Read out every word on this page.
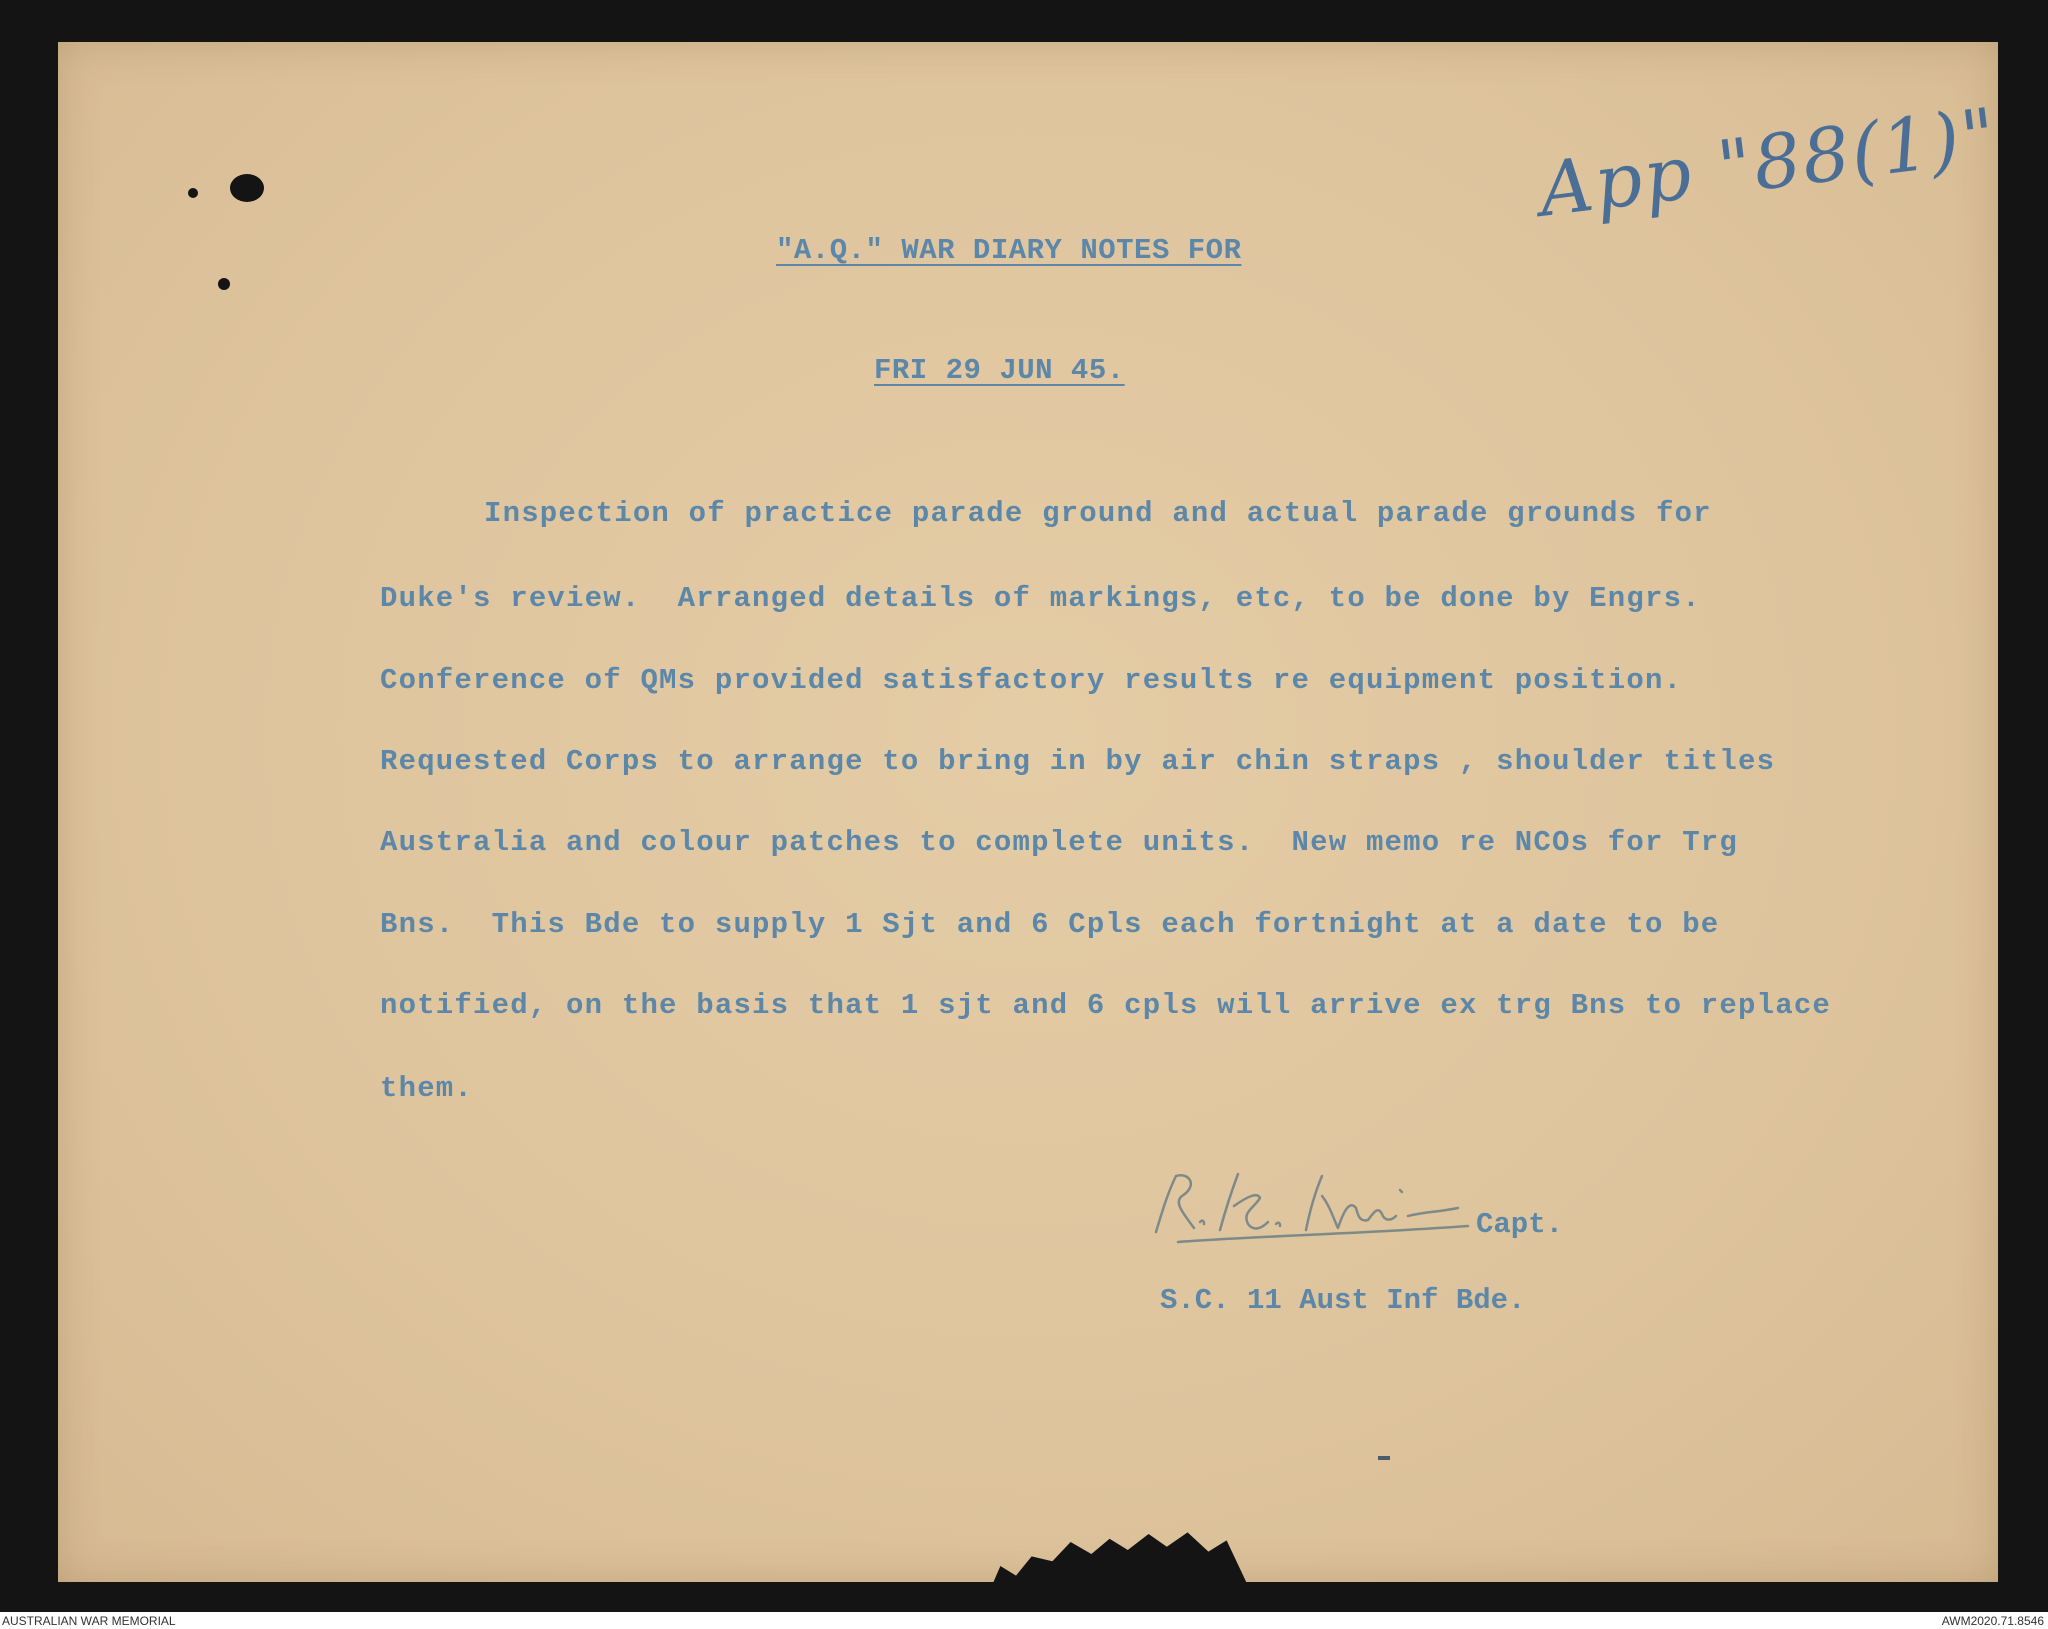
App "88(1)"

"A.Q." WAR DIARY NOTES FOR

FRI 29 JUN 45.

Inspection of practice parade ground and actual parade grounds for

Duke's review.  Arranged details of markings, etc, to be done by Engrs.

Conference of QMs provided satisfactory results re equipment position.

Requested Corps to arrange to bring in by air chin straps , shoulder titles

Australia and colour patches to complete units.  New memo re NCOs for Trg

Bns.  This Bde to supply 1 Sjt and 6 Cpls each fortnight at a date to be

notified, on the basis that 1 sjt and 6 cpls will arrive ex trg Bns to replace

them.

Capt.

S.C. 11 Aust Inf Bde.

AUSTRALIAN WAR MEMORIAL	AWM2020.71.8546
